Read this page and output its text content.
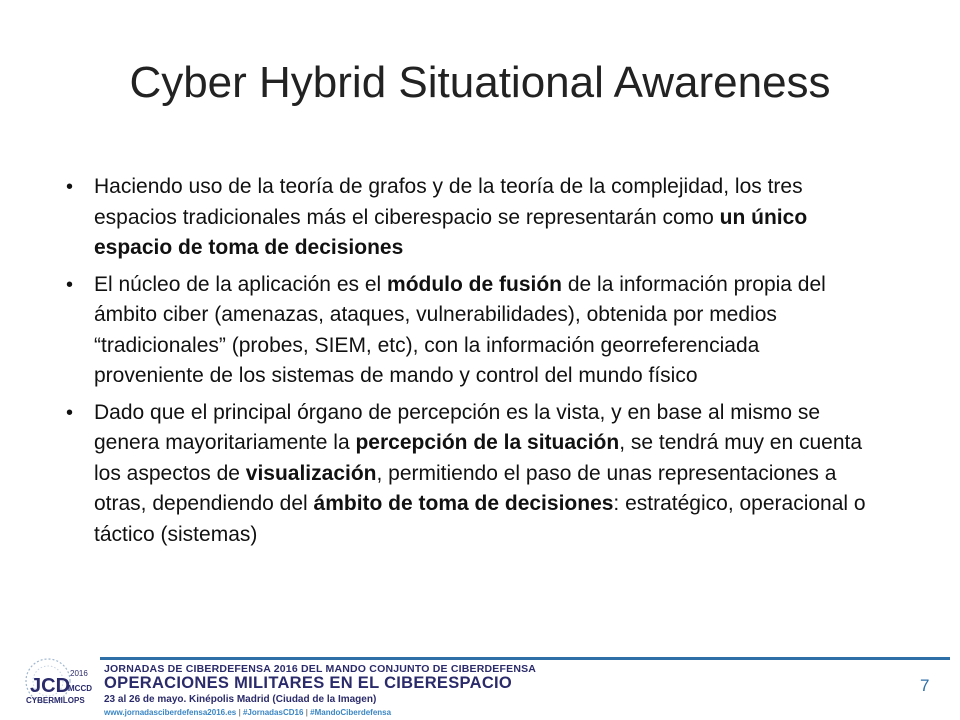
Cyber Hybrid Situational Awareness
• Haciendo uso de la teoría de grafos y de la teoría de la complejidad, los tres espacios tradicionales más el ciberespacio se representarán como un único espacio de toma de decisiones
• El núcleo de la aplicación es el módulo de fusión de la información propia del ámbito ciber (amenazas, ataques, vulnerabilidades), obtenida por medios “tradicionales” (probes, SIEM, etc), con la información georreferenciada proveniente de los sistemas de mando y control del mundo físico
• Dado que el principal órgano de percepción es la vista, y en base al mismo se genera mayoritariamente la percepción de la situación, se tendrá muy en cuenta los aspectos de visualización, permitiendo el paso de unas representaciones a otras, dependiendo del ámbito de toma de decisiones: estratégico, operacional o táctico (sistemas)
2016
JCD
MCCD
CYBERMILOPS
JORNADAS DE CIBERDEFENSA 2016 DEL MANDO CONJUNTO DE CIBERDEFENSA
OPERACIONES MILITARES EN EL CIBERESPACIO
23 al 26 de mayo. Kinépolis Madrid (Ciudad de la Imagen)
www.jornadasciberdefensa2016.es | #JornadasCD16 | #MandoCiberdefensa
7
